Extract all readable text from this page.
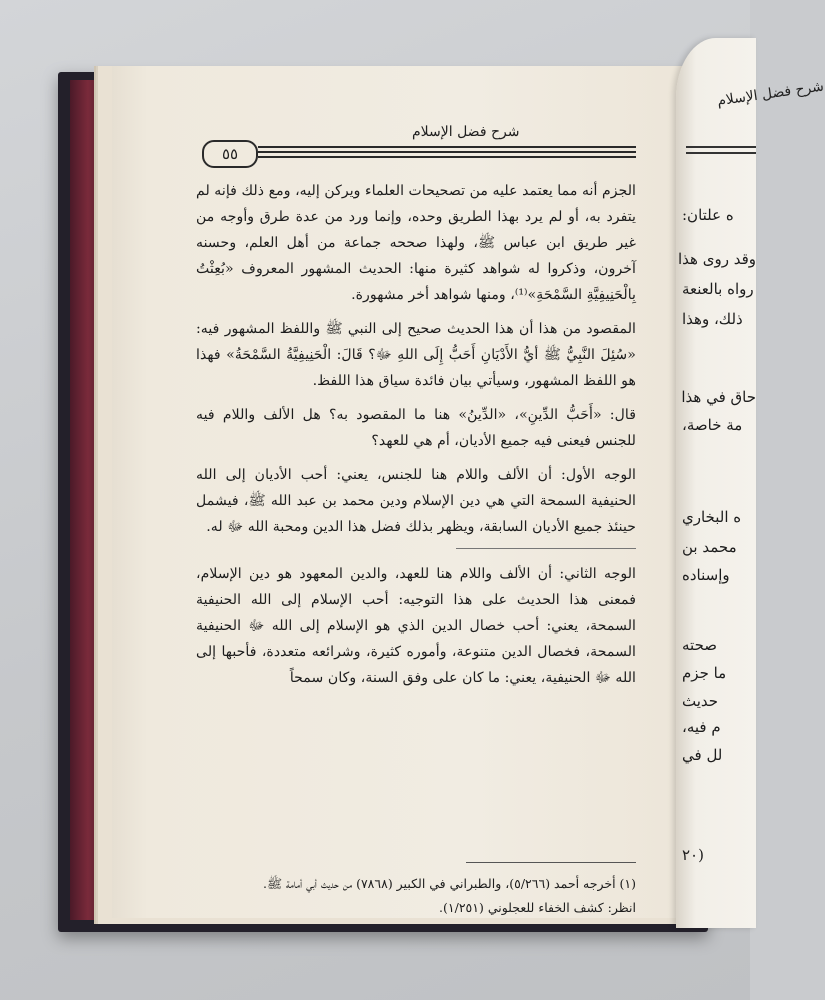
شرح فضل الإسلام
٥٥

الجزم أنه مما يعتمد عليه من تصحيحات العلماء ويركن إليه، ومع ذلك فإنه لم يتفرد به، أو لم يرد بهذا الطريق وحده، وإنما ورد من عدة طرق وأوجه من غير طريق ابن عباس ﷺ، ولهذا صححه جماعة من أهل العلم، وحسنه آخرون، وذكروا له شواهد كثيرة منها: الحديث المشهور المعروف «بُعِثْتُ بِالْحَنِيفِيَّةِ السَّمْحَةِ»⁽¹⁾، ومنها شواهد أخر مشهورة.

المقصود من هذا أن هذا الحديث صحيح إلى النبي ﷺ واللفظ المشهور فيه: «سُئِلَ النَّبِيُّ ﷺ أيُّ الأَدْيَانِ أَحَبُّ إِلَى اللهِ ﷻ؟ قَالَ: الْحَنِيفِيَّةُ السَّمْحَةُ» فهذا هو اللفظ المشهور، وسيأتي بيان فائدة سياق هذا اللفظ.

قال: «أَحَبُّ الدِّينِ»، «الدِّينُ» هنا ما المقصود به؟ هل الألف واللام فيه للجنس فيعنى فيه جميع الأديان، أم هي للعهد؟

الوجه الأول: أن الألف واللام هنا للجنس، يعني: أحب الأديان إلى الله الحنيفية السمحة التي هي دين الإسلام ودين محمد بن عبد الله ﷺ، فيشمل حينئذ جميع الأديان السابقة، ويظهر بذلك فضل هذا الدين ومحبة الله ﷻ له.

الوجه الثاني: أن الألف واللام هنا للعهد، والدين المعهود هو دين الإسلام، فمعنى هذا الحديث على هذا التوجيه: أحب الإسلام إلى الله الحنيفية السمحة، يعني: أحب خصال الدين الذي هو الإسلام إلى الله ﷻ الحنيفية السمحة، فخصال الدين متنوعة، وأموره كثيرة، وشرائعه متعددة، فأحبها إلى الله ﷻ الحنيفية، يعني: ما كان على وفق السنة، وكان سمحاً

(١) أخرجه أحمد (٥/٢٦٦)، والطبراني في الكبير (٧٨٦٨) من حديث أبي أمامة ﷺ.

انظر: كشف الخفاء للعجلوني (١/٢٥١).

شرح فضل الإسلام
ه علتان:
وقد روى هذا
رواه بالعنعة
ذلك، وهذا
حاق في هذا
مة خاصة،
ه البخاري
محمد بن
وإسناده
صحته
ما جزم
حديث
م فيه،
لل في
(٢٠
